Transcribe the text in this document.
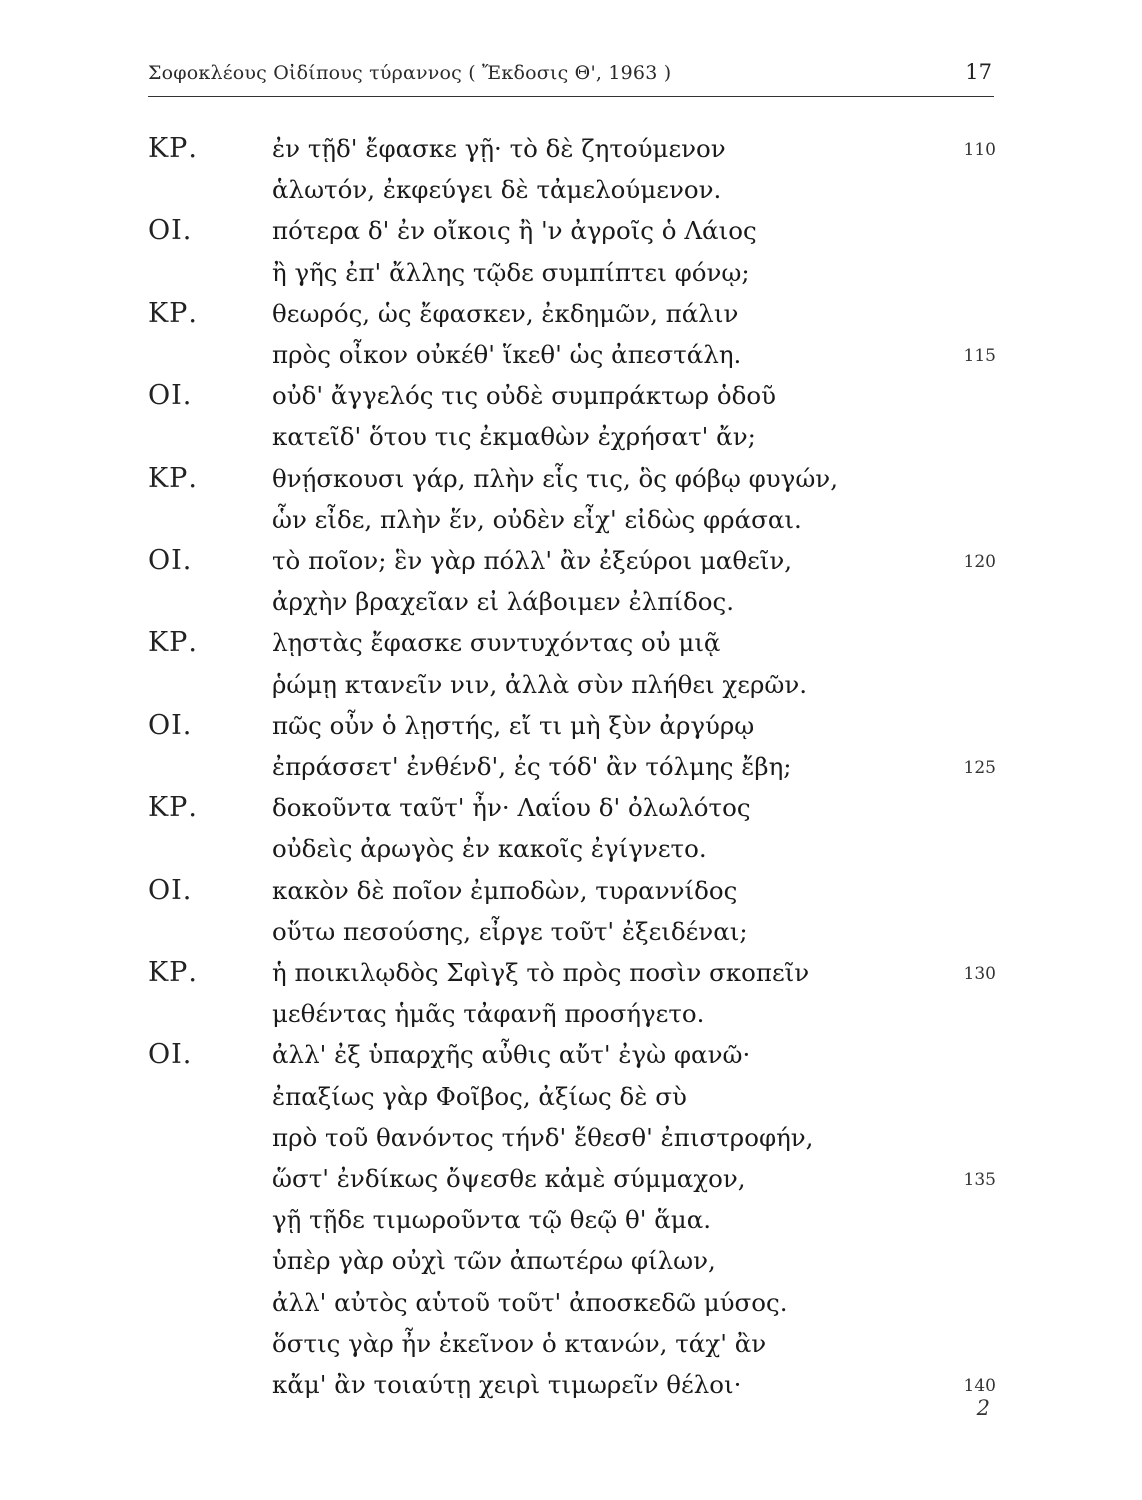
Σοφοκλέους Οἰδίπους τύραννος ( Ἔκδοσις Θ', 1963 )	17
ΚΡ.	ἐν τῇδ' ἔφασκε γῇ· τὸ δὲ ζητούμενον	110
ἁλωτόν, ἐκφεύγει δὲ τἀμελούμενον.
ΟΙ.	πότερα δ' ἐν οἴκοις ἢ 'ν ἀγροῖς ὁ Λάιος
ἢ γῆς ἐπ' ἄλλης τῷδε συμπίπτει φόνῳ;
ΚΡ.	θεωρός, ὡς ἔφασκεν, ἐκδημῶν, πάλιν
πρὸς οἶκον οὐκέθ' ἵκεθ' ὡς ἀπεστάλη.	115
ΟΙ.	οὐδ' ἄγγελός τις οὐδὲ συμπράκτωρ ὁδοῦ
κατεῖδ' ὅτου τις ἐκμαθὼν ἐχρήσατ' ἄν;
ΚΡ.	θνῄσκουσι γάρ, πλὴν εἷς τις, ὃς φόβῳ φυγών,
ὧν εἶδε, πλὴν ἕν, οὐδὲν εἶχ' εἰδὼς φράσαι.
ΟΙ.	τὸ ποῖον; ἓν γὰρ πόλλ' ἂν ἐξεύροι μαθεῖν,	120
ἀρχὴν βραχεῖαν εἰ λάβοιμεν ἐλπίδος.
ΚΡ.	λῃστὰς ἔφασκε συντυχόντας οὐ μιᾷ
ῥώμῃ κτανεῖν νιν, ἀλλὰ σὺν πλήθει χερῶν.
ΟΙ.	πῶς οὖν ὁ λῃστής, εἴ τι μὴ ξὺν ἀργύρῳ
ἐπράσσετ' ἐνθένδ', ἐς τόδ' ἂν τόλμης ἔβη;	125
ΚΡ.	δοκοῦντα ταῦτ' ἦν· Λαΐου δ' ὀλωλότος
οὐδεὶς ἀρωγὸς ἐν κακοῖς ἐγίγνετο.
ΟΙ.	κακὸν δὲ ποῖον ἐμποδὼν, τυραννίδος
οὕτω πεσούσης, εἶργε τοῦτ' ἐξειδέναι;
ΚΡ.	ἡ ποικιλῳδὸς Σφὶγξ τὸ πρὸς ποσὶν σκοπεῖν	130
μεθέντας ἡμᾶς τἀφανῆ προσήγετο.
ΟΙ.	ἀλλ' ἐξ ὑπαρχῆς αὖθις αὔτ' ἐγὼ φανῶ·
ἐπαξίως γὰρ Φοῖβος, ἀξίως δὲ σὺ
πρὸ τοῦ θανόντος τήνδ' ἔθεσθ' ἐπιστροφήν,
ὥστ' ἐνδίκως ὄψεσθε κἀμὲ σύμμαχον,	135
γῇ τῇδε τιμωροῦντα τῷ θεῷ θ' ἅμα.
ὑπὲρ γὰρ οὐχὶ τῶν ἀπωτέρω φίλων,
ἀλλ' αὐτὸς αὑτοῦ τοῦτ' ἀποσκεδῶ μύσος.
ὅστις γὰρ ἦν ἐκεῖνον ὁ κτανών, τάχ' ἂν
κἄμ' ἂν τοιαύτῃ χειρὶ τιμωρεῖν θέλοι·	140
2
